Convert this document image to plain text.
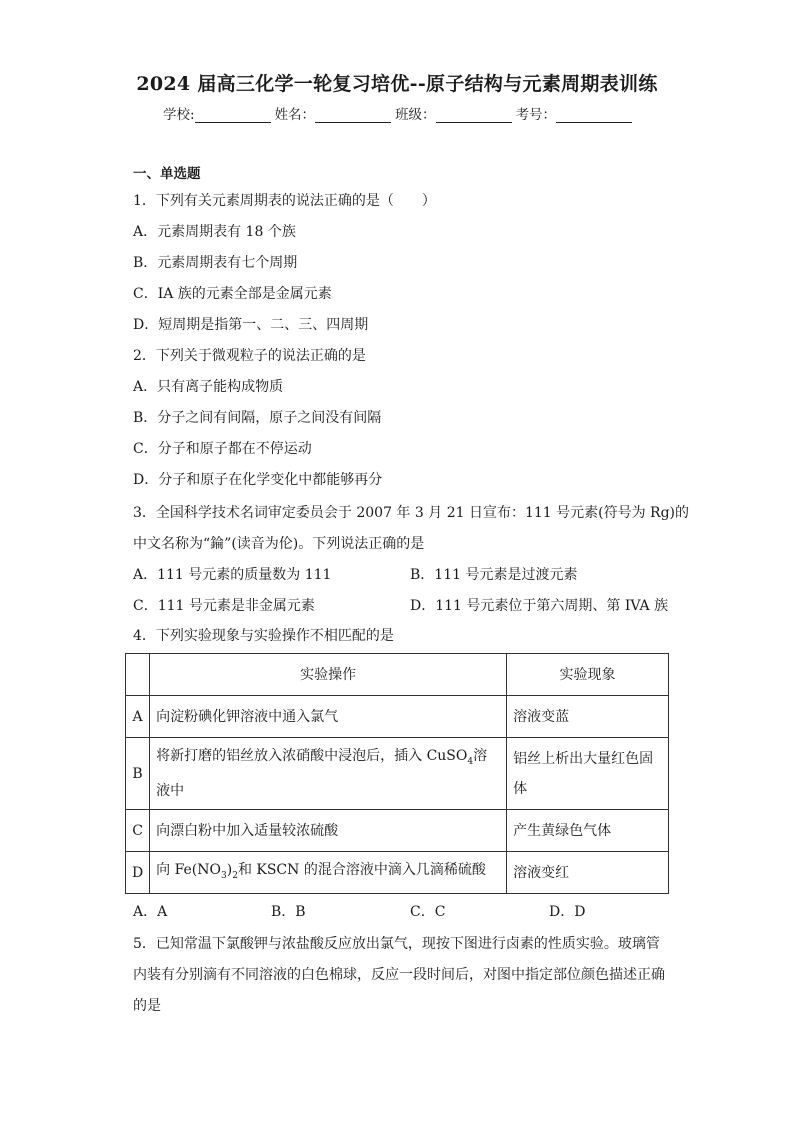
2024 届高三化学一轮复习培优--原子结构与元素周期表训练
学校:	姓名：	班级：	考号：
一、单选题
1．下列有关元素周期表的说法正确的是（　　）
A．元素周期表有 18 个族
B．元素周期表有七个周期
C．IA 族的元素全部是金属元素
D．短周期是指第一、二、三、四周期
2．下列关于微观粒子的说法正确的是
A．只有离子能构成物质
B．分子之间有间隔，原子之间没有间隔
C．分子和原子都在不停运动
D．分子和原子在化学变化中都能够再分
3．全国科学技术名词审定委员会于 2007 年 3 月 21 日宣布：111 号元素(符号为 Rg)的
中文名称为“錀”(读音为伦)。下列说法正确的是
A．111 号元素的质量数为 111	B．111 号元素是过渡元素
C．111 号元素是非金属元素	D．111 号元素位于第六周期、第 IVA 族
4．下列实验现象与实验操作不相匹配的是
	实验操作	实验现象
A	向淀粉碘化钾溶液中通入氯气	溶液变蓝
B	将新打磨的铝丝放入浓硝酸中浸泡后，插入 CuSO$_4$溶液中	铝丝上析出大量红色固体
C	向漂白粉中加入适量较浓硫酸	产生黄绿色气体
D	向 $Fe(NO_3)_2$和 KSCN 的混合溶液中滴入几滴稀硫酸	溶液变红
A．A	B．B	C．C	D．D
5．已知常温下氯酸钾与浓盐酸反应放出氯气，现按下图进行卤素的性质实验。玻璃管
内装有分别滴有不同溶液的白色棉球，反应一段时间后，对图中指定部位颜色描述正确
的是
